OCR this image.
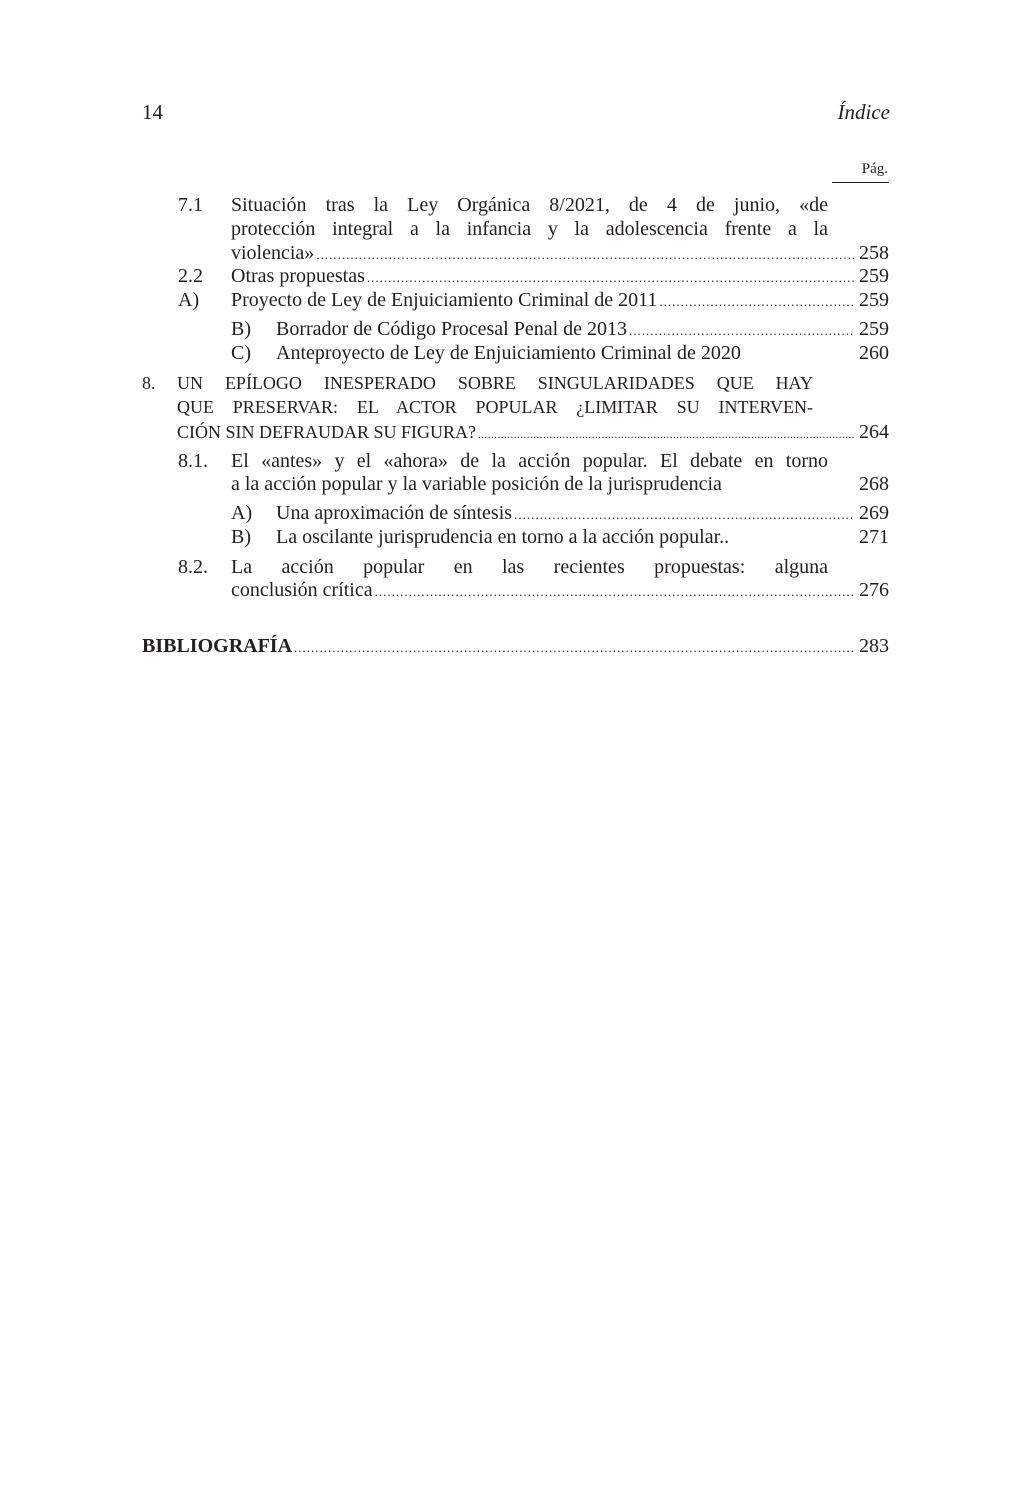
14	Índice
Pág.
7.1 Situación tras la Ley Orgánica 8/2021, de 4 de junio, «de
protección integral a la infancia y la adolescencia frente a la
violencia» .....	258
2.2 Otras propuestas .....	259
A) Proyecto de Ley de Enjuiciamiento Criminal de 2011 .....	259
B) Borrador de Código Procesal Penal de 2013 .....	259
C) Anteproyecto de Ley de Enjuiciamiento Criminal de 2020	260
8. UN EPÍLOGO INESPERADO SOBRE SINGULARIDADES QUE HAY
QUE PRESERVAR: EL ACTOR POPULAR ¿LIMITAR SU INTERVEN-
CIÓN SIN DEFRAUDAR SU FIGURA? .....	264
8.1. El «antes» y el «ahora» de la acción popular. El debate en torno
a la acción popular y la variable posición de la jurisprudencia	268
A) Una aproximación de síntesis .....	269
B) La oscilante jurisprudencia en torno a la acción popular..	271
8.2. La acción popular en las recientes propuestas: alguna
conclusión crítica .....	276
BIBLIOGRAFÍA .....	283
